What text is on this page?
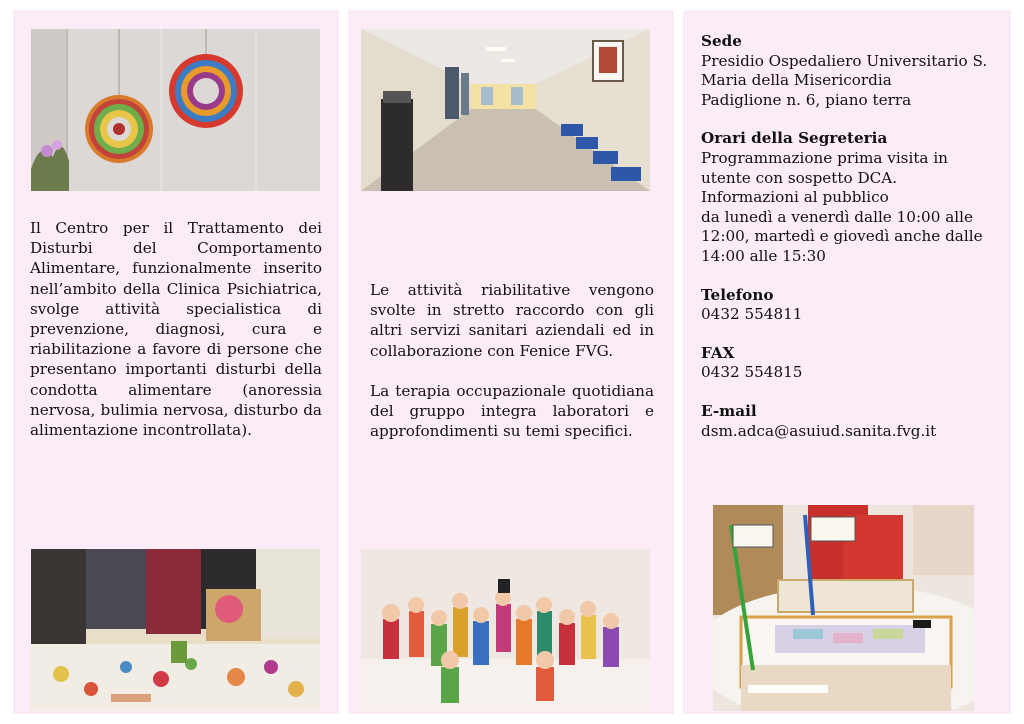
Il Centro per il Trattamento dei Disturbi del Comportamento Alimentare, funzionalmente inserito nell’ambito della Clinica Psichiatrica, svolge attività specialistica di prevenzione, diagnosi, cura e riabilitazione a favore di persone che presentano importanti disturbi della condotta alimentare (anoressia nervosa, bulimia nervosa, disturbo da alimentazione incontrollata).

Le attività riabilitative vengono svolte in stretto raccordo con gli altri servizi sanitari aziendali ed in collaborazione con Fenice FVG.

La terapia occupazionale quotidiana del gruppo integra laboratori e approfondimenti su temi specifici.

Sede
Presidio Ospedaliero Universitario S.
Maria della Misericordia
Padiglione n. 6, piano terra
Orari della Segreteria
Programmazione prima visita in
utente con sospetto DCA.
Informazioni al pubblico
da lunedì a venerdì dalle 10:00 alle
12:00, martedì e giovedì anche dalle
14:00 alle 15:30
Telefono
0432 554811
FAX
0432 554815
E-mail
dsm.adca@asuiud.sanita.fvg.it
